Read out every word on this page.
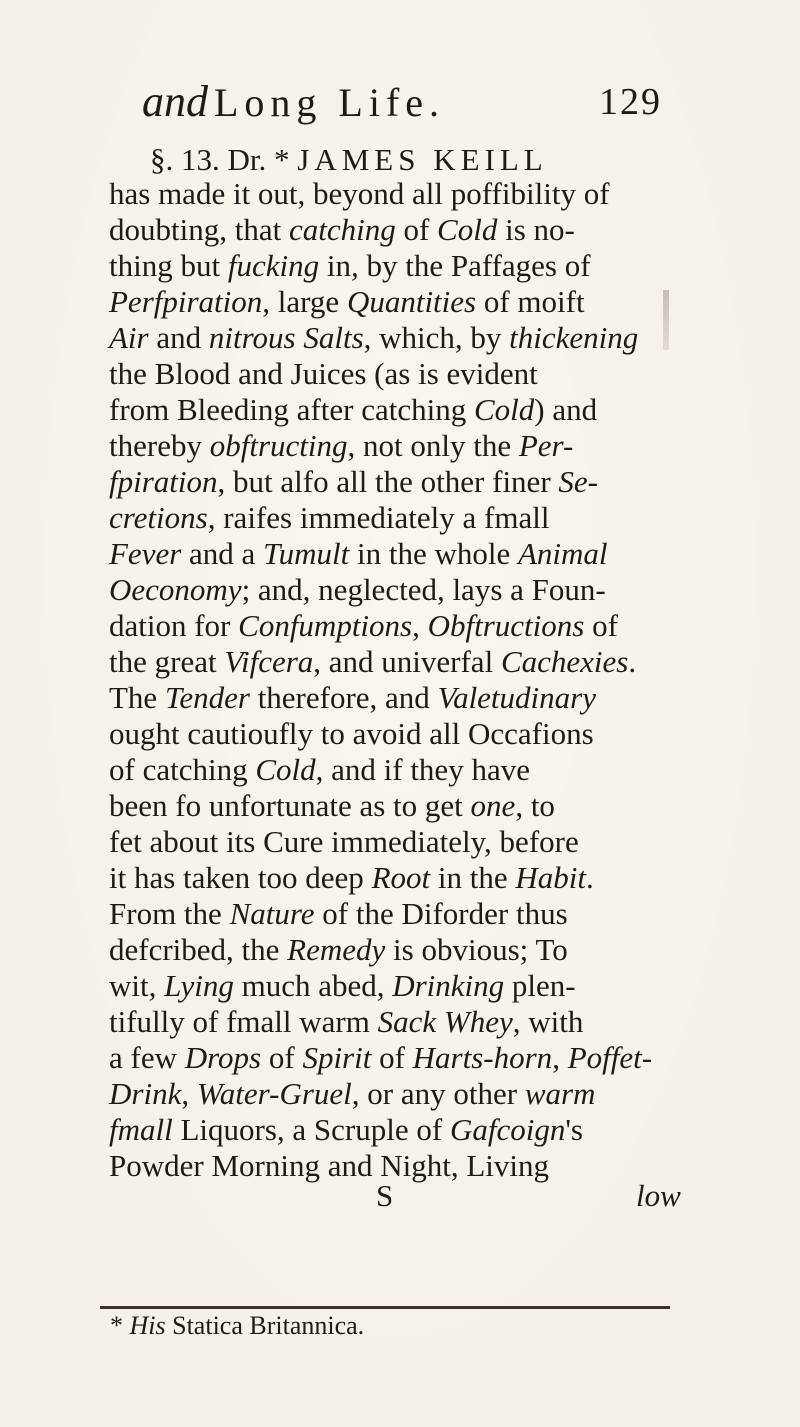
and Long Life.	129
§. 13. Dr. * JAMES KEILL
has made it out, beyond all poffibility of
doubting, that catching of Cold is no-
thing but fucking in, by the Paffages of
Perfpiration, large Quantities of moift
Air and nitrous Salts, which, by thickening
the Blood and Juices (as is evident
from Bleeding after catching Cold) and
thereby obftructing, not only the Per-
fpiration, but alfo all the other finer Se-
cretions, raifes immediately a fmall
Fever and a Tumult in the whole Animal
Oeconomy; and, neglected, lays a Foun-
dation for Confumptions, Obftructions of
the great Vifcera, and univerfal Cachexies.
The Tender therefore, and Valetudinary
ought cautioufly to avoid all Occafions
of catching Cold, and if they have
been fo unfortunate as to get one, to
fet about its Cure immediately, before
it has taken too deep Root in the Habit.
From the Nature of the Diforder thus
defcribed, the Remedy is obvious; To
wit, Lying much abed, Drinking plen-
tifully of fmall warm Sack Whey, with
a few Drops of Spirit of Harts-horn, Poffet-
Drink, Water-Gruel, or any other warm
fmall Liquors, a Scruple of Gafcoign's
Powder Morning and Night, Living
S	low
* His Statica Britannica.
